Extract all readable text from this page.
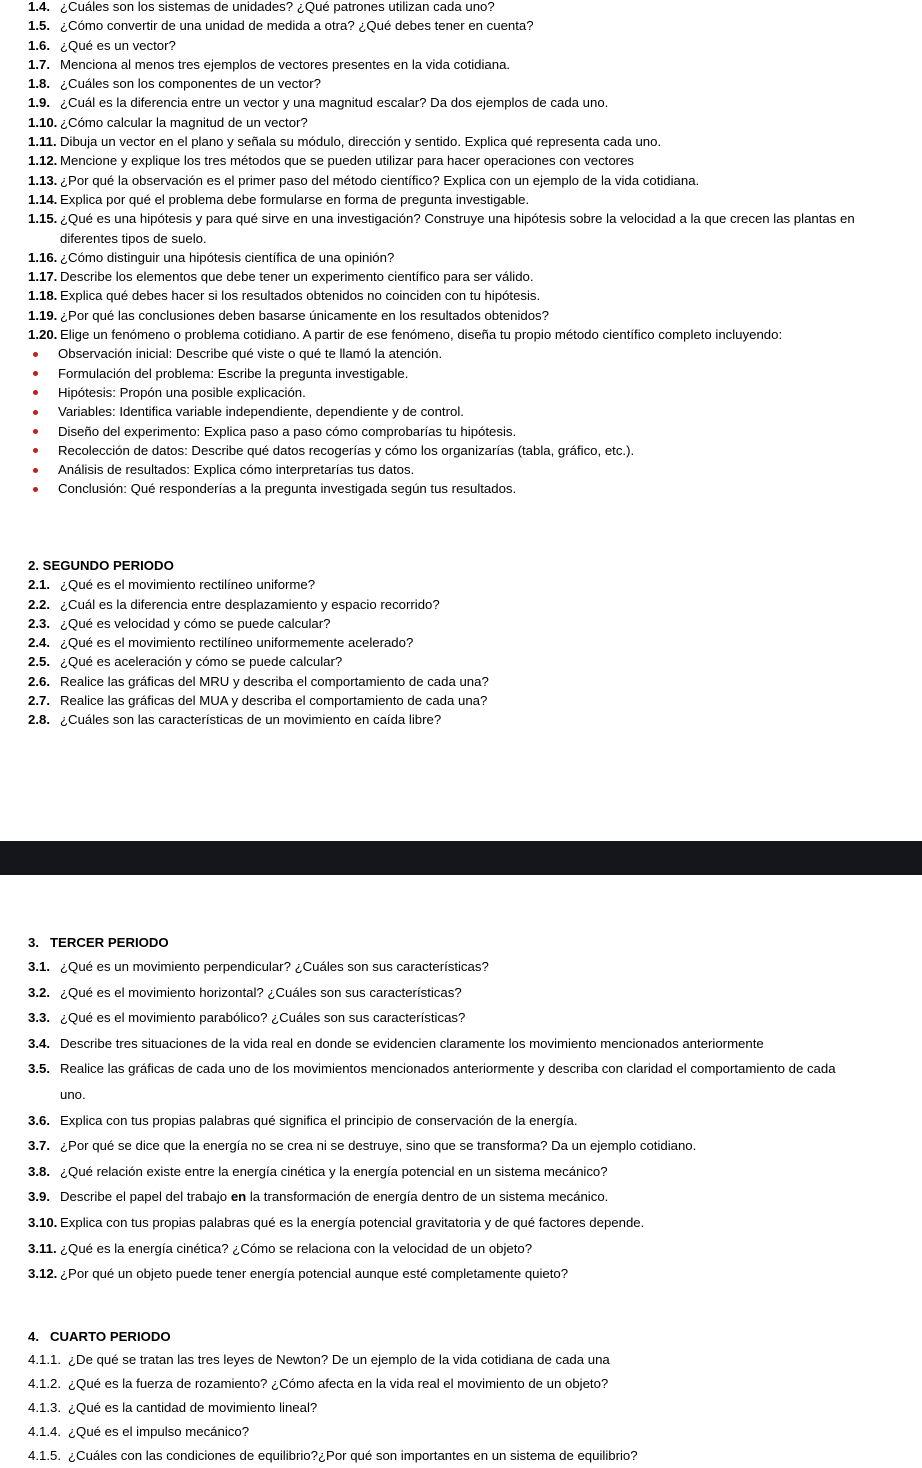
1.4. ¿Cuáles son los sistemas de unidades? ¿Qué patrones utilizan cada uno?
1.5. ¿Cómo convertir de una unidad de medida a otra? ¿Qué debes tener en cuenta?
1.6. ¿Qué es un vector?
1.7. Menciona al menos tres ejemplos de vectores presentes en la vida cotidiana.
1.8. ¿Cuáles son los componentes de un vector?
1.9. ¿Cuál es la diferencia entre un vector y una magnitud escalar? Da dos ejemplos de cada uno.
1.10. ¿Cómo calcular la magnitud de un vector?
1.11. Dibuja un vector en el plano y señala su módulo, dirección y sentido. Explica qué representa cada uno.
1.12. Mencione y explique los tres métodos que se pueden utilizar para hacer operaciones con vectores
1.13. ¿Por qué la observación es el primer paso del método científico? Explica con un ejemplo de la vida cotidiana.
1.14. Explica por qué el problema debe formularse en forma de pregunta investigable.
1.15. ¿Qué es una hipótesis y para qué sirve en una investigación? Construye una hipótesis sobre la velocidad a la que crecen las plantas en diferentes tipos de suelo.
1.16. ¿Cómo distinguir una hipótesis científica de una opinión?
1.17. Describe los elementos que debe tener un experimento científico para ser válido.
1.18. Explica qué debes hacer si los resultados obtenidos no coinciden con tu hipótesis.
1.19. ¿Por qué las conclusiones deben basarse únicamente en los resultados obtenidos?
1.20. Elige un fenómeno o problema cotidiano. A partir de ese fenómeno, diseña tu propio método científico completo incluyendo:
Observación inicial: Describe qué viste o qué te llamó la atención.
Formulación del problema: Escribe la pregunta investigable.
Hipótesis: Propón una posible explicación.
Variables: Identifica variable independiente, dependiente y de control.
Diseño del experimento: Explica paso a paso cómo comprobarías tu hipótesis.
Recolección de datos: Describe qué datos recogerías y cómo los organizarías (tabla, gráfico, etc.).
Análisis de resultados: Explica cómo interpretarías tus datos.
Conclusión: Qué responderías a la pregunta investigada según tus resultados.
2. SEGUNDO PERIODO
2.1. ¿Qué es el movimiento rectilíneo uniforme?
2.2. ¿Cuál es la diferencia entre desplazamiento y espacio recorrido?
2.3. ¿Qué es velocidad y cómo se puede calcular?
2.4. ¿Qué es el movimiento rectilíneo uniformemente acelerado?
2.5. ¿Qué es aceleración y cómo se puede calcular?
2.6. Realice las gráficas del MRU y describa el comportamiento de cada una?
2.7. Realice las gráficas del MUA y describa el comportamiento de cada una?
2.8. ¿Cuáles son las características de un movimiento en caída libre?
3.   TERCER PERIODO
3.1. ¿Qué es un movimiento perpendicular? ¿Cuáles son sus características?
3.2. ¿Qué es el movimiento horizontal? ¿Cuáles son sus características?
3.3. ¿Qué es el movimiento parabólico? ¿Cuáles son sus características?
3.4. Describe tres situaciones de la vida real en donde se evidencien claramente los movimiento mencionados anteriormente
3.5. Realice las gráficas de cada uno de los movimientos mencionados anteriormente y describa con claridad el comportamiento de cada uno.
3.6. Explica con tus propias palabras qué significa el principio de conservación de la energía.
3.7. ¿Por qué se dice que la energía no se crea ni se destruye, sino que se transforma? Da un ejemplo cotidiano.
3.8. ¿Qué relación existe entre la energía cinética y la energía potencial en un sistema mecánico?
3.9. Describe el papel del trabajo en la transformación de energía dentro de un sistema mecánico.
3.10. Explica con tus propias palabras qué es la energía potencial gravitatoria y de qué factores depende.
3.11. ¿Qué es la energía cinética? ¿Cómo se relaciona con la velocidad de un objeto?
3.12. ¿Por qué un objeto puede tener energía potencial aunque esté completamente quieto?
4.   CUARTO PERIODO
4.1.1. ¿De qué se tratan las tres leyes de Newton? De un ejemplo de la vida cotidiana de cada una
4.1.2. ¿Qué es la fuerza de rozamiento? ¿Cómo afecta en la vida real el movimiento de un objeto?
4.1.3. ¿Qué es la cantidad de movimiento lineal?
4.1.4. ¿Qué es el impulso mecánico?
4.1.5. ¿Cuáles con las condiciones de equilibrio?¿Por qué son importantes en un sistema de equilibrio?
